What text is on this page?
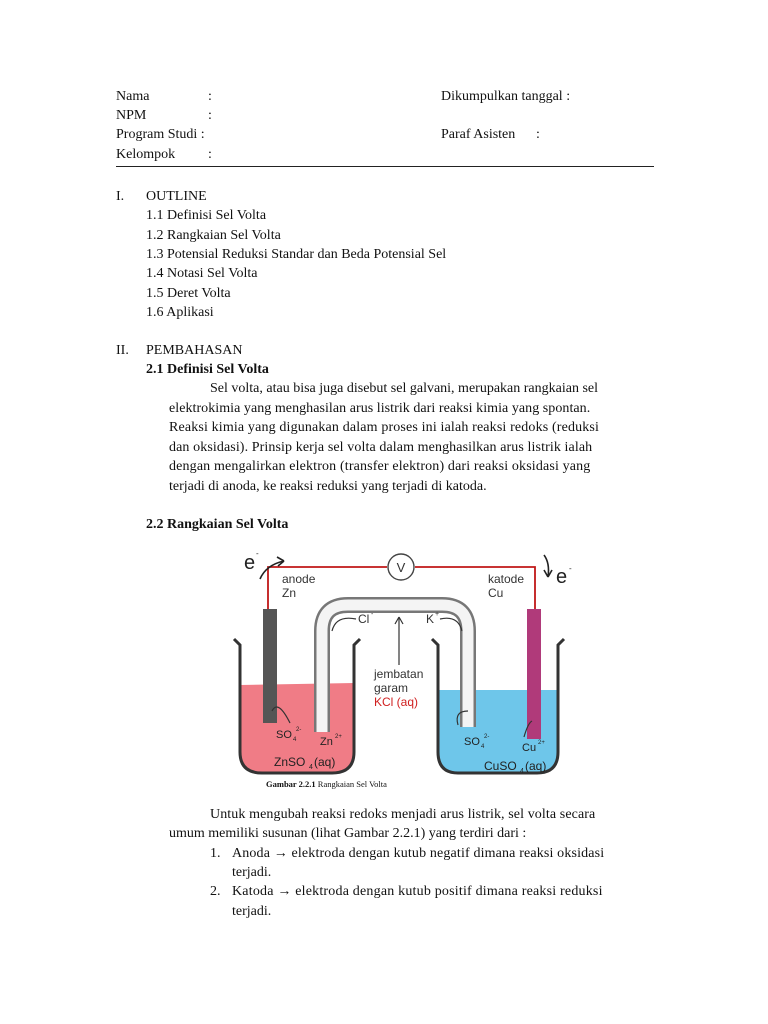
Nama	:
NPM	:
Program Studi :
Kelompok :
Dikumpulkan tanggal :
Paraf Asisten :
I. OUTLINE
1.1 Definisi Sel Volta
1.2 Rangkaian Sel Volta
1.3 Potensial Reduksi Standar dan Beda Potensial Sel
1.4 Notasi Sel Volta
1.5 Deret Volta
1.6 Aplikasi
II. PEMBAHASAN
2.1 Definisi Sel Volta
Sel volta, atau bisa juga disebut sel galvani, merupakan rangkaian sel
elektrokimia yang menghasilan arus listrik dari reaksi kimia yang spontan.
Reaksi kimia yang digunakan dalam proses ini ialah reaksi redoks (reduksi
dan oksidasi). Prinsip kerja sel volta dalam menghasilkan arus listrik ialah
dengan mengalirkan elektron (transfer elektron) dari reaksi oksidasi yang
terjadi di anoda, ke reaksi reduksi yang terjadi di katoda.
2.2 Rangkaian Sel Volta
V
e -
e -
anode
Zn
katode
Cu
Cl -	K +
jembatan
garam
KCl (aq)
SO 4
2-
Zn 2+	SO 4
2-
Cu 2+
ZnSO 4 (aq)	CuSO 4 (aq)
Gambar 2.2.1 Rangkaian Sel Volta
Untuk mengubah reaksi redoks menjadi arus listrik, sel volta secara
umum memiliki susunan (lihat Gambar 2.2.1) yang terdiri dari :
1. Anoda → elektroda dengan kutub negatif dimana reaksi oksidasi
terjadi.
2. Katoda → elektroda dengan kutub positif dimana reaksi reduksi
terjadi.
